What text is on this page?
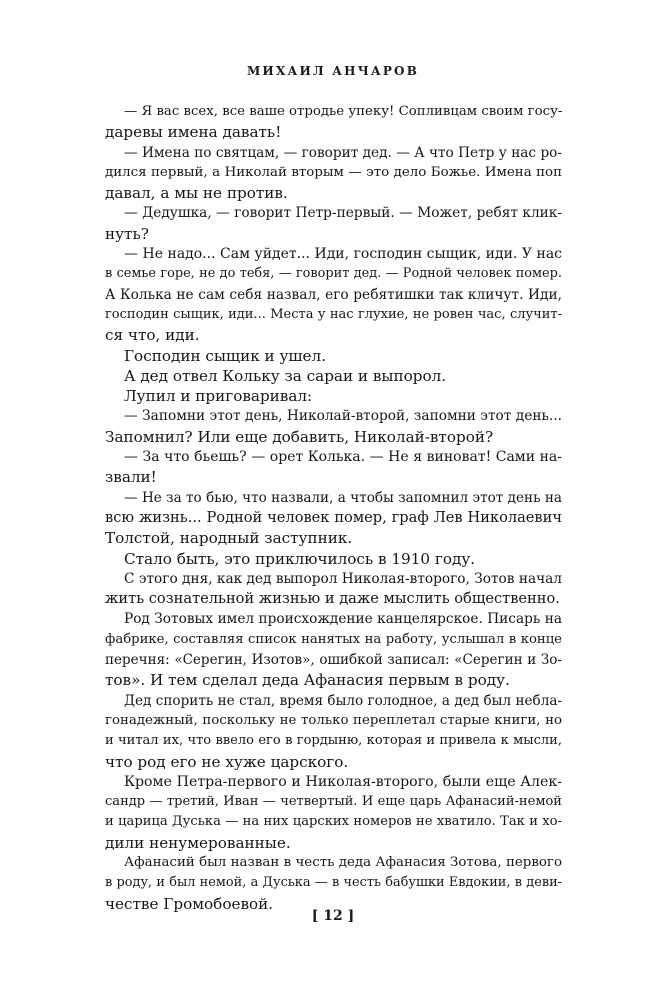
МИХАИЛ АНЧАРОВ
— Я вас всех, все ваше отродье упеку! Сопливцам своим госу-
даревы имена давать!
— Имена по святцам, — говорит дед. — А что Петр у нас ро-
дился первый, а Николай вторым — это дело Божье. Имена поп
давал, а мы не против.
— Дедушка, — говорит Петр-первый. — Может, ребят клик-
нуть?
— Не надо... Сам уйдет... Иди, господин сыщик, иди. У нас
в семье горе, не до тебя, — говорит дед. — Родной человек помер.
А Колька не сам себя назвал, его ребятишки так кличут. Иди,
господин сыщик, иди... Места у нас глухие, не ровен час, случит-
ся что, иди.
Господин сыщик и ушел.
А дед отвел Кольку за сараи и выпорол.
Лупил и приговаривал:
— Запомни этот день, Николай-второй, запомни этот день...
Запомнил? Или еще добавить, Николай-второй?
— За что бьешь? — орет Колька. — Не я виноват! Сами на-
звали!
— Не за то бью, что назвали, а чтобы запомнил этот день на
всю жизнь... Родной человек помер, граф Лев Николаевич
Толстой, народный заступник.
Стало быть, это приключилось в 1910 году.
С этого дня, как дед выпорол Николая-второго, Зотов начал
жить сознательной жизнью и даже мыслить общественно.
Род Зотовых имел происхождение канцелярское. Писарь на
фабрике, составляя список нанятых на работу, услышал в конце
перечня: «Серегин, Изотов», ошибкой записал: «Серегин и Зо-
тов». И тем сделал деда Афанасия первым в роду.
Дед спорить не стал, время было голодное, а дед был небла-
гонадежный, поскольку не только переплетал старые книги, но
и читал их, что ввело его в гордыню, которая и привела к мысли,
что род его не хуже царского.
Кроме Петра-первого и Николая-второго, были еще Алек-
сандр — третий, Иван — четвертый. И еще царь Афанасий-немой
и царица Дуська — на них царских номеров не хватило. Так и хо-
дили ненумерованные.
Афанасий был назван в честь деда Афанасия Зотова, первого
в роду, и был немой, а Дуська — в честь бабушки Евдокии, в деви-
честве Громобоевой.
[ 12 ]
